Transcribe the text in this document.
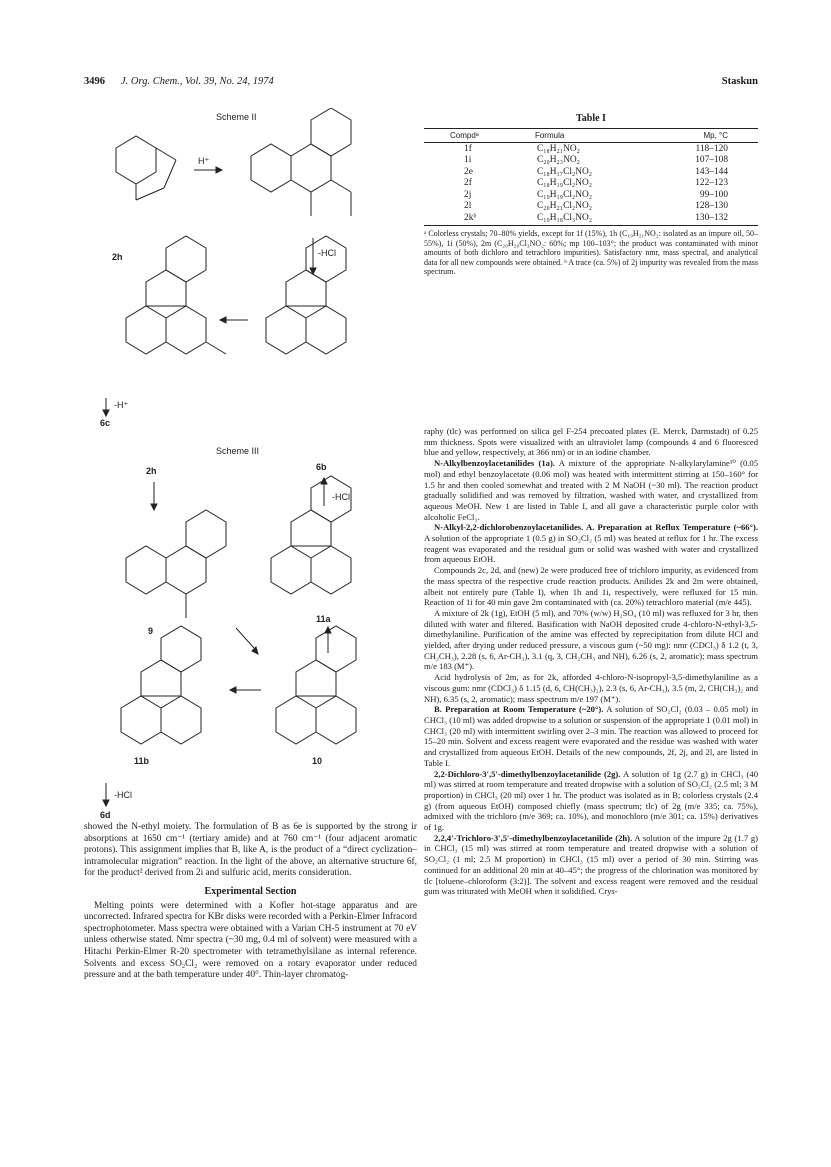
3496 J. Org. Chem., Vol. 39, No. 24, 1974	Staskun
Scheme II
2h
H⁺
-HCl
-H⁺
6c
Scheme III
2h	6b
-HCl
9
11a
11b	10
-HCl
6d
Table I
Compdᵃ	Formula	Mp, °C
1f	C₁₈H₂₁NO₂	118–120
1i	C₂₀H₂₃NO₂	107–108
2e	C₁₈H₁₇Cl₂NO₂	143–144
2f	C₁₈H₁₉Cl₂NO₂	122–123
2j	C₁₉H₁₉Cl₂NO₂	99–100
2l	C₂₀H₂₁Cl₂NO₂	128–130
2kᵇ	C₁₉H₁₈Cl₃NO₂	130–132
ᵃ Colorless crystals; 70–80% yields, except for 1f (15%), 1h (C₁₉H₂₁NO₂: isolated as an impure oil, 50–55%), 1i (50%), 2m (C₂₀H₂₀Cl₃NO₂: 60%; mp 100–103°; the product was contaminated with minor amounts of both dichloro and tetrachloro impurities). Satisfactory nmr, mass spectral, and analytical data for all new compounds were obtained. ᵇ A trace (ca. 5%) of 2j impurity was revealed from the mass spectrum.

showed the N-ethyl moiety. The formulation of B as 6e is supported by the strong ir absorptions at 1650 cm⁻¹ (tertiary amide) and at 760 cm⁻¹ (four adjacent aromatic protons). This assignment implies that B, like A, is the product of a “direct cyclization–intramolecular migration” reaction. In the light of the above, an alternative structure 6f, for the product² derived from 2i and sulfuric acid, merits consideration.

Experimental Section

Melting points were determined with a Kofler hot-stage apparatus and are uncorrected. Infrared spectra for KBr disks were recorded with a Perkin-Elmer Infracord spectrophotometer. Mass spectra were obtained with a Varian CH-5 instrument at 70 eV unless otherwise stated. Nmr spectra (~30 mg, 0.4 ml of solvent) were measured with a Hitachi Perkin-Elmer R-20 spectrometer with tetramethylsilane as internal reference. Solvents and excess SO₂Cl₂ were removed on a rotary evaporator under reduced pressure and at the bath temperature under 40°. Thin-layer chromatog-

raphy (tlc) was performed on silica gel F-254 precoated plates (E. Merck, Darmstadt) of 0.25 mm thickness. Spots were visualized with an ultraviolet lamp (compounds 4 and 6 fluoresced blue and yellow, respectively, at 366 nm) or in an iodine chamber.

N-Alkylbenzoylacetanilides (1a). A mixture of the appropriate N-alkylarylamine¹⁰ (0.05 mol) and ethyl benzoylacetate (0.06 mol) was heated with intermittent stirring at 150–160° for 1.5 hr and then cooled somewhat and treated with 2 M NaOH (~30 ml). The reaction product gradually solidified and was removed by filtration, washed with water, and crystallized from aqueous MeOH. New 1 are listed in Table I, and all gave a characteristic purple color with alcoholic FeCl₃.

N-Alkyl-2,2-dichlorobenzoylacetanilides. A. Preparation at Reflux Temperature (~66°). A solution of the appropriate 1 (0.5 g) in SO₂Cl₂ (5 ml) was heated at reflux for 1 hr. The excess reagent was evaporated and the residual gum or solid was washed with water and crystallized from aqueous EtOH.

Compounds 2c, 2d, and (new) 2e were produced free of trichloro impurity, as evidenced from the mass spectra of the respective crude reaction products. Anilides 2k and 2m were obtained, albeit not entirely pure (Table I), when 1h and 1i, respectively, were refluxed for 15 min. Reaction of 1i for 40 min gave 2m contaminated with (ca. 20%) tetrachloro material (m/e 445).

A mixture of 2k (1g), EtOH (5 ml), and 70% (w/w) H₂SO₄ (10 ml) was refluxed for 3 hr, then diluted with water and filtered. Basification with NaOH deposited crude 4-chloro-N-ethyl-3,5-dimethylaniline. Purification of the amine was effected by reprecipitation from dilute HCl and yielded, after drying under reduced pressure, a viscous gum (~50 mg): nmr (CDCl₃) δ 1.2 (t, 3, CH₂CH₃), 2.28 (s, 6, Ar-CH₃), 3.1 (q, 3, CH₂CH₃ and NH), 6.26 (s, 2, aromatic); mass spectrum m/e 183 (M⁺).

Acid hydrolysis of 2m, as for 2k, afforded 4-chloro-N-isopropyl-3,5-dimethylaniline as a viscous gum: nmr (CDCl₃) δ 1.15 (d, 6, CH(CH₃)₂), 2.3 (s, 6, Ar-CH₃), 3.5 (m, 2, CH(CH₃)₂ and NH), 6.35 (s, 2, aromatic); mass spectrum m/e 197 (M⁺).

B. Preparation at Room Temperature (~20°). A solution of SO₂Cl₂ (0.03 – 0.05 mol) in CHCl₃ (10 ml) was added dropwise to a solution or suspension of the appropriate 1 (0.01 mol) in CHCl₃ (20 ml) with intermittent swirling over 2–3 min. The reaction was allowed to proceed for 15–20 min. Solvent and excess reagent were evaporated and the residue was washed with water and crystallized from aqueous EtOH. Details of the new compounds, 2f, 2j, and 2l, are listed in Table I.

2,2-Dichloro-3′,5′-dimethylbenzoylacetanilide (2g). A solution of 1g (2.7 g) in CHCl₃ (40 ml) was stirred at room temperature and treated dropwise with a solution of SO₂Cl₂ (2.5 ml; 3 M proportion) in CHCl₃ (20 ml) over 1 hr. The product was isolated as in B; colorless crystals (2.4 g) (from aqueous EtOH) composed chiefly (mass spectrum; tlc) of 2g (m/e 335; ca. 75%), admixed with the trichloro (m/e 369; ca. 10%), and monochloro (m/e 301; ca. 15%) derivatives of 1g.

2,2,4′-Trichloro-3′,5′-dimethylbenzoylacetanilide (2h). A solution of the impure 2g (1.7 g) in CHCl₃ (15 ml) was stirred at room temperature and treated dropwise with a solution of SO₂Cl₂ (1 ml; 2.5 M proportion) in CHCl₃ (15 ml) over a period of 30 min. Stirring was continued for an additional 20 min at 40–45°; the progress of the chlorination was monitored by tlc [toluene–chloroform (3:2)]. The solvent and excess reagent were removed and the residual gum was triturated with MeOH when it solidified. Crys-
